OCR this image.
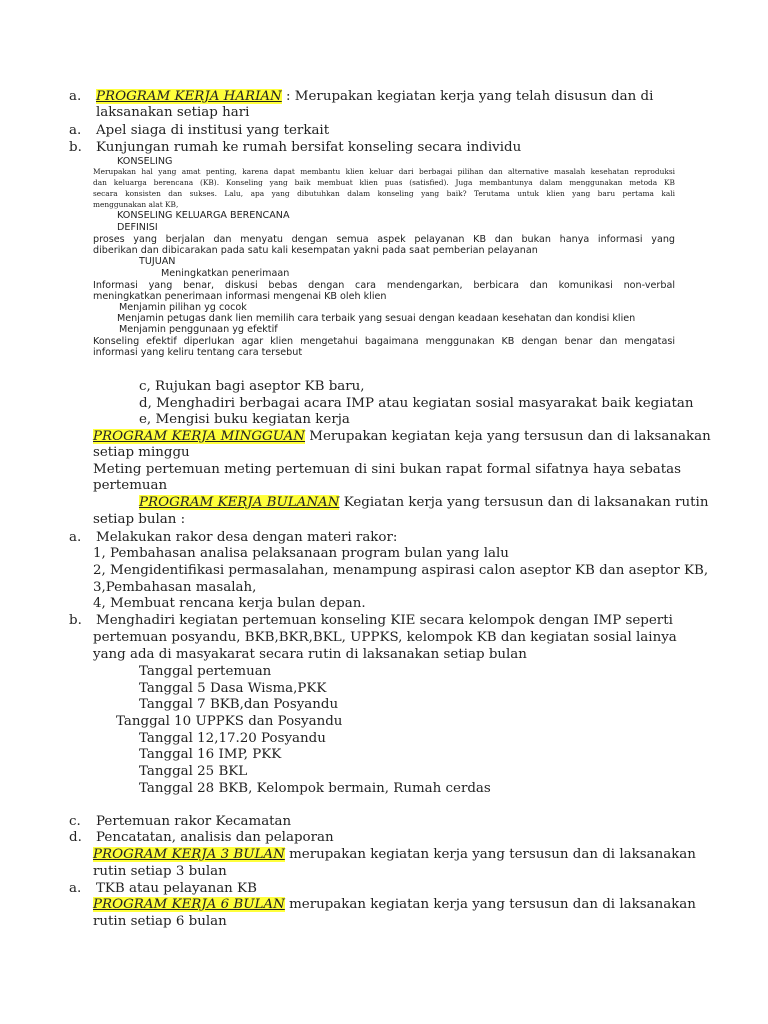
a. PROGRAM KERJA HARIAN : Merupakan kegiatan kerja yang telah disusun dan di

laksanakan setiap hari

a. Apel siaga di institusi yang terkait

b. Kunjungan rumah ke rumah bersifat konseling secara individu

KONSELING

Merupakan hal yang amat penting, karena dapat membantu klien keluar dari berbagai pilihan dan alternative masalah kesehatan reproduksi

dan keluarga berencana (KB). Konseling yang baik membuat klien puas (satisfied). Juga membantunya dalam menggunakan metoda KB

secara konsisten dan sukses. Lalu, apa yang dibutuhkan dalam konseling yang baik? Terutama untuk klien yang baru pertama kali

menggunakan alat KB,

KONSELING KELUARGA BERENCANA

DEFINISI

proses yang berjalan dan menyatu dengan semua aspek pelayanan KB dan bukan hanya informasi yang

diberikan dan dibicarakan pada satu kali kesempatan yakni pada saat pemberian pelayanan

TUJUAN

Meningkatkan penerimaan

Informasi yang benar, diskusi bebas dengan cara mendengarkan, berbicara dan komunikasi non-verbal

meningkatkan penerimaan informasi mengenai KB oleh klien

Menjamin pilihan yg cocok

Menjamin petugas dank lien memilih cara terbaik yang sesuai dengan keadaan kesehatan dan kondisi klien

Menjamin penggunaan yg efektif

Konseling efektif diperlukan agar klien mengetahui bagaimana menggunakan KB dengan benar dan mengatasi

informasi yang keliru tentang cara tersebut

c, Rujukan bagi aseptor KB baru,

d, Menghadiri berbagai acara IMP atau kegiatan sosial masyarakat baik kegiatan

e, Mengisi buku kegiatan kerja

PROGRAM KERJA MINGGUAN Merupakan kegiatan keja yang tersusun dan di laksanakan

setiap minggu

Meting pertemuan meting pertemuan di sini bukan rapat formal sifatnya haya sebatas

pertemuan

PROGRAM KERJA BULANAN Kegiatan kerja yang tersusun dan di laksanakan rutin

setiap bulan :

a. Melakukan rakor desa dengan materi rakor:

1, Pembahasan analisa pelaksanaan program bulan yang lalu

2, Mengidentifikasi permasalahan, menampung aspirasi calon aseptor KB dan aseptor KB,

3,Pembahasan masalah,

4, Membuat rencana kerja bulan depan.

b. Menghadiri kegiatan pertemuan konseling KIE secara kelompok dengan IMP seperti

pertemuan posyandu, BKB,BKR,BKL, UPPKS, kelompok KB dan kegiatan sosial lainya

yang ada di masyakarat secara rutin di laksanakan setiap bulan

Tanggal pertemuan

Tanggal 5 Dasa Wisma,PKK

Tanggal 7 BKB,dan Posyandu

Tanggal 10 UPPKS dan Posyandu

Tanggal 12,17.20 Posyandu

Tanggal 16 IMP, PKK

Tanggal 25 BKL

Tanggal 28 BKB, Kelompok bermain, Rumah cerdas

c. Pertemuan rakor Kecamatan

d. Pencatatan, analisis dan pelaporan

PROGRAM KERJA 3 BULAN merupakan kegiatan kerja yang tersusun dan di laksanakan

rutin setiap 3 bulan

a. TKB atau pelayanan KB

PROGRAM KERJA 6 BULAN merupakan kegiatan kerja yang tersusun dan di laksanakan

rutin setiap 6 bulan
